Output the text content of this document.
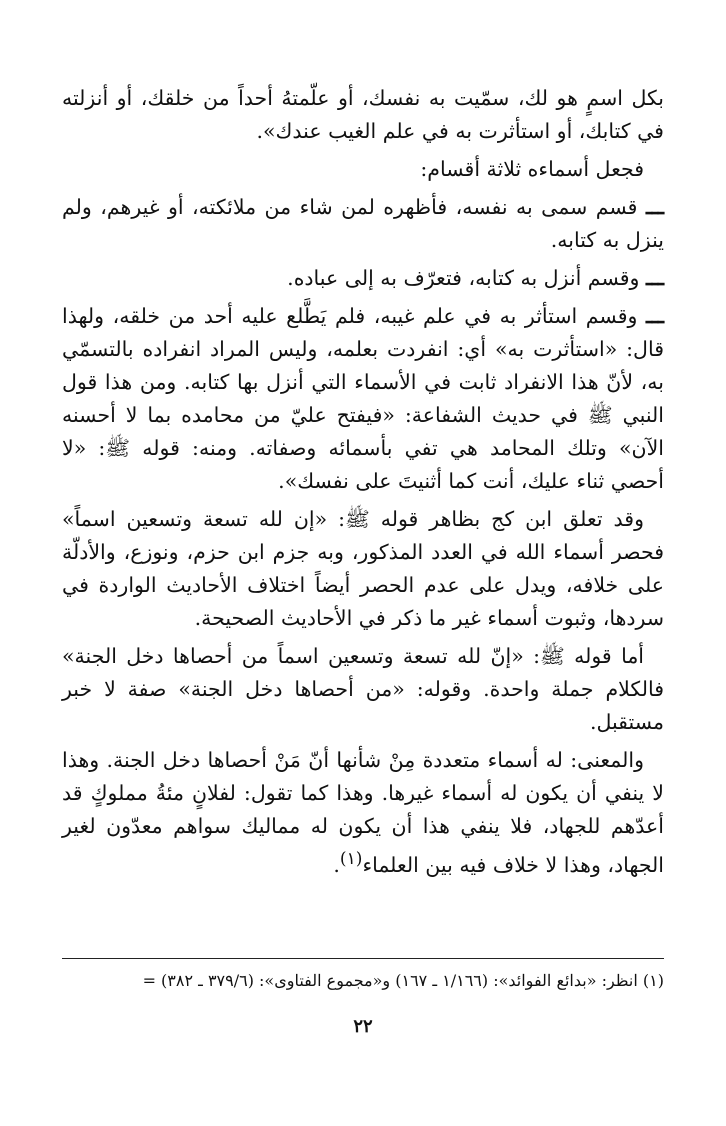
بكل اسمٍ هو لك، سمّيت به نفسك، أو علّمتهُ أحداً من خلقك، أو أنزلته في كتابك، أو استأثرت به في علم الغيب عندك».

فجعل أسماءه ثلاثة أقسام:

ـــ قسم سمى به نفسه، فأظهره لمن شاء من ملائكته، أو غيرهم، ولم ينزل به كتابه.

ـــ وقسم أنزل به كتابه، فتعرّف به إلى عباده.

ـــ وقسم استأثر به في علم غيبه، فلم يَطَّلع عليه أحد من خلقه، ولهذا قال: «استأثرت به» أي: انفردت بعلمه، وليس المراد انفراده بالتسمّي به، لأنّ هذا الانفراد ثابت في الأسماء التي أنزل بها كتابه. ومن هذا قول النبي ﷺ في حديث الشفاعة: «فيفتح عليّ من محامده بما لا أحسنه الآن» وتلك المحامد هي تفي بأسمائه وصفاته. ومنه: قوله ﷺ: «لا أحصي ثناء عليك، أنت كما أثنيتَ على نفسك».

وقد تعلق ابن كج بظاهر قوله ﷺ: «إن لله تسعة وتسعين اسماً» فحصر أسماء الله في العدد المذكور، وبه جزم ابن حزم، ونوزع، والأدلّة على خلافه، ويدل على عدم الحصر أيضاً اختلاف الأحاديث الواردة في سردها، وثبوت أسماء غير ما ذكر في الأحاديث الصحيحة.

أما قوله ﷺ: «إنّ لله تسعة وتسعين اسماً من أحصاها دخل الجنة» فالكلام جملة واحدة. وقوله: «من أحصاها دخل الجنة» صفة لا خبر مستقبل.

والمعنى: له أسماء متعددة مِنْ شأنها أنّ مَنْ أحصاها دخل الجنة. وهذا لا ينفي أن يكون له أسماء غيرها. وهذا كما تقول: لفلانٍ مئةُ مملوكٍ قد أعدّهم للجهاد، فلا ينفي هذا أن يكون له مماليك سواهم معدّون لغير الجهاد، وهذا لا خلاف فيه بين العلماء$^{(١)}$.

(١) انظر: «بدائع الفوائد»: (١/١٦٦ ـ ١٦٧) و«مجموع الفتاوى»: (٣٧٩/٦ ـ ٣٨٢) =
٢٢
